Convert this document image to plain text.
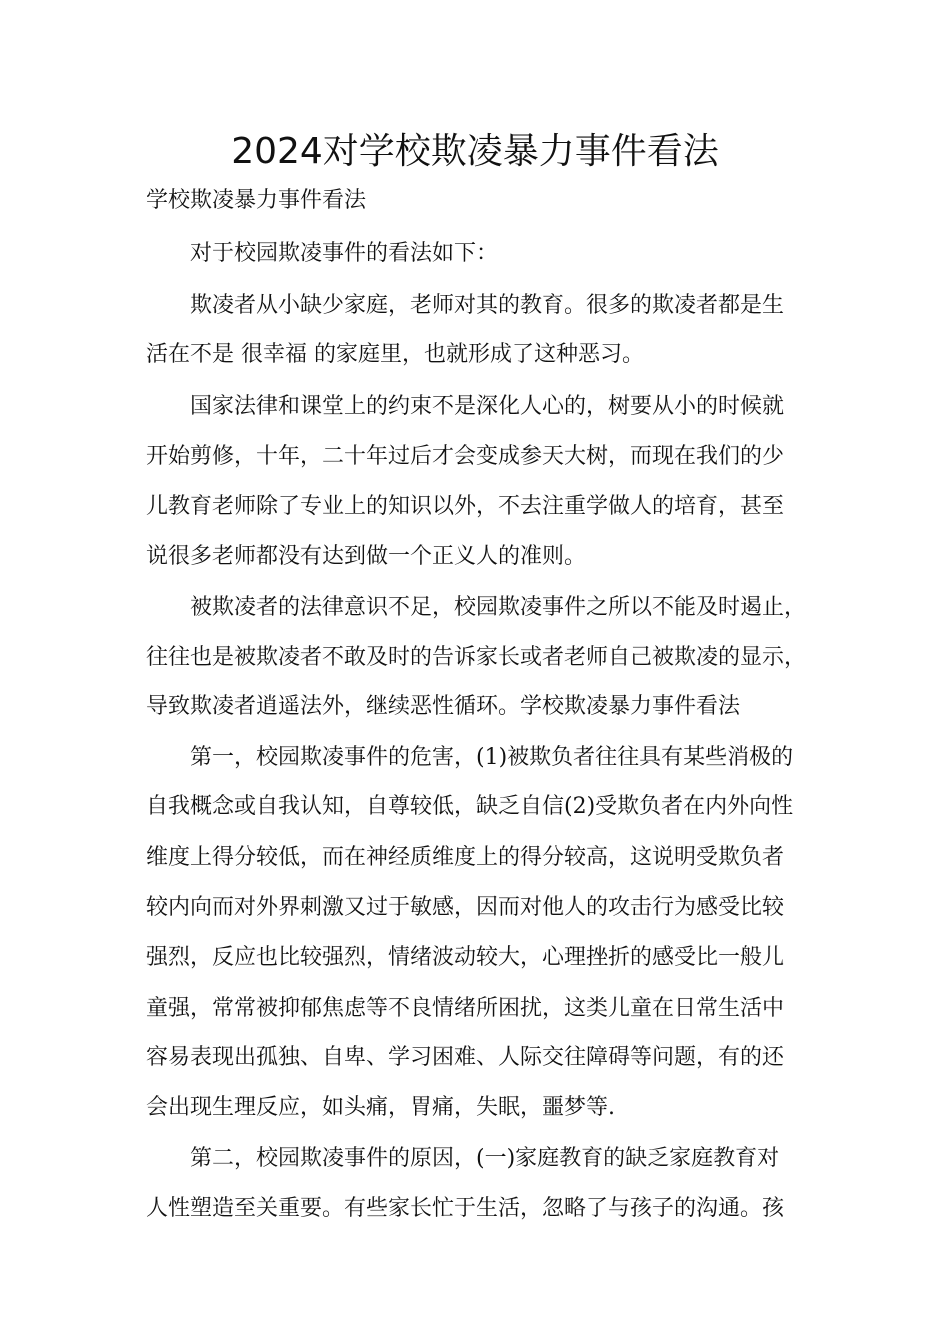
2024对学校欺凌暴力事件看法

学校欺凌暴力事件看法

对于校园欺凌事件的看法如下：

欺凌者从小缺少家庭，老师对其的教育。很多的欺凌者都是生

活在不是 很幸福 的家庭里，也就形成了这种恶习。

国家法律和课堂上的约束不是深化人心的，树要从小的时候就

开始剪修，十年，二十年过后才会变成参天大树，而现在我们的少

儿教育老师除了专业上的知识以外，不去注重学做人的培育，甚至

说很多老师都没有达到做一个正义人的准则。

被欺凌者的法律意识不足，校园欺凌事件之所以不能及时遏止，

往往也是被欺凌者不敢及时的告诉家长或者老师自己被欺凌的显示，

导致欺凌者逍遥法外，继续恶性循环。学校欺凌暴力事件看法

第一，校园欺凌事件的危害，(1)被欺负者往往具有某些消极的

自我概念或自我认知，自尊较低，缺乏自信(2)受欺负者在内外向性

维度上得分较低，而在神经质维度上的得分较高，这说明受欺负者

较内向而对外界刺激又过于敏感，因而对他人的攻击行为感受比较

强烈，反应也比较强烈，情绪波动较大，心理挫折的感受比一般儿

童强，常常被抑郁焦虑等不良情绪所困扰，这类儿童在日常生活中

容易表现出孤独、自卑、学习困难、人际交往障碍等问题，有的还

会出现生理反应，如头痛，胃痛，失眠，噩梦等.

第二，校园欺凌事件的原因，(一)家庭教育的缺乏家庭教育对

人性塑造至关重要。有些家长忙于生活，忽略了与孩子的沟通。孩
